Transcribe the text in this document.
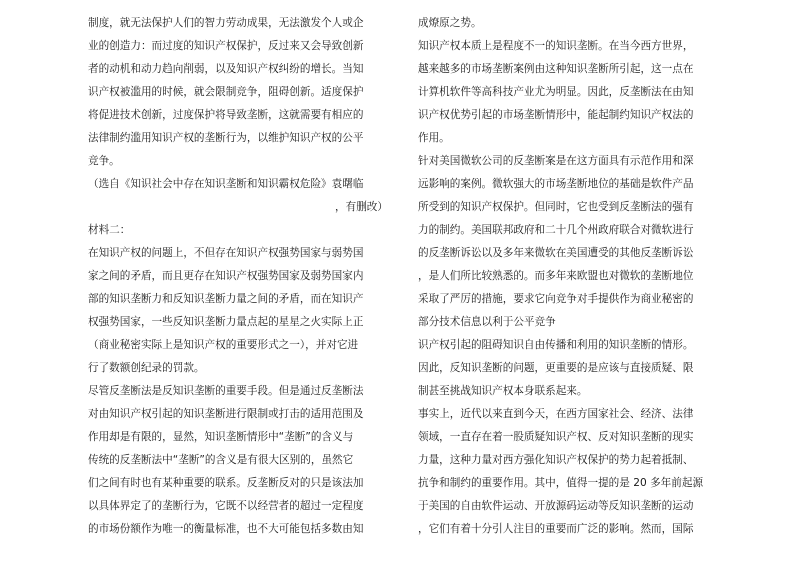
制度，就无法保护人们的智力劳动成果，无法激发个人或企
业的创造力：而过度的知识产权保护，反过来又会导致创新
者的动机和动力趋向削弱，以及知识产权纠纷的增长。当知
识产权被滥用的时候，就会限制竞争，阻碍创新。适度保护
将促进技术创新，过度保护将导致垄断，这就需要有相应的
法律制约滥用知识产权的垄断行为，以维护知识产权的公平
竞争。
（选自《知识社会中存在知识垄断和知识霸权危险》袁曙临
，有删改）
材料二：
在知识产权的问题上，不但存在知识产权强势国家与弱势国
家之间的矛盾，而且更存在知识产权强势国家及弱势国家内
部的知识垄断力和反知识垄断力量之间的矛盾，而在知识产
权强势国家，一些反知识垄断力量点起的星星之火实际上正
（商业秘密实际上是知识产权的重要形式之一），并对它进
行了数额创纪录的罚款。
尽管反垄断法是反知识垄断的重要手段。但是通过反垄断法
对由知识产权引起的知识垄断进行限制或打击的适用范围及
作用却是有限的，显然，知识垄断情形中“垄断”的含义与
传统的反垄断法中“垄断”的含义是有很大区别的，虽然它
们之间有时也有某种重要的联系。反垄断反对的只是该法加
以具体界定了的垄断行为，它既不以经营者的超过一定程度
的市场份额作为唯一的衡量标准，也不大可能包括多数由知
成燎原之势。
知识产权本质上是程度不一的知识垄断。在当今西方世界，
越来越多的市场垄断案例由这种知识垄断所引起，这一点在
计算机软件等高科技产业尤为明显。因此，反垄断法在由知
识产权优势引起的市场垄断情形中，能起制约知识产权法的
作用。
针对美国微软公司的反垄断案是在这方面具有示范作用和深
远影响的案例。微软强大的市场垄断地位的基础是软件产品
所受到的知识产权保护。但同时，它也受到反垄断法的强有
力的制约。美国联邦政府和二十几个州政府联合对微软进行
的反垄断诉讼以及多年来微软在美国遭受的其他反垄断诉讼
，是人们所比较熟悉的。而多年来欧盟也对微软的垄断地位
采取了严厉的措施，要求它向竞争对手提供作为商业秘密的
部分技术信息以利于公平竞争
识产权引起的阻碍知识自由传播和利用的知识垄断的情形。
因此，反知识垄断的问题，更重要的是应该与直接质疑、限
制甚至挑战知识产权本身联系起来。
事实上，近代以来直到今天，在西方国家社会、经济、法律
领域，一直存在着一股质疑知识产权、反对知识垄断的现实
力量，这种力量对西方强化知识产权保护的势力起着抵制、
抗争和制约的重要作用。其中，值得一提的是 20 多年前起源
于美国的自由软件运动、开放源码运动等反知识垄断的运动
，它们有着十分引人注目的重要而广泛的影响。然而，国际
